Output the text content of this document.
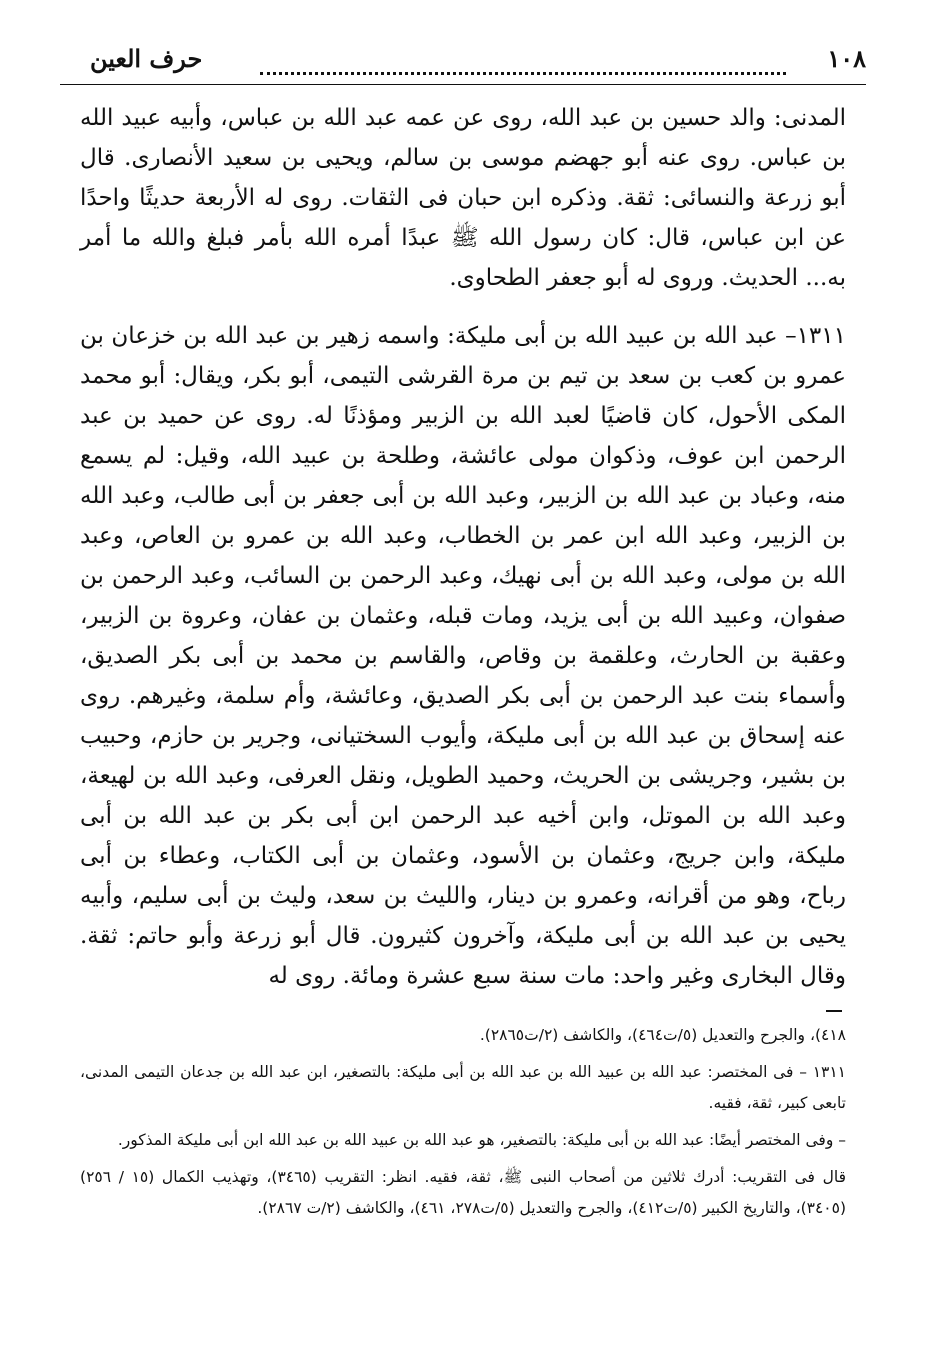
١٠٨
حرف العين

المدنى: والد حسين بن عبد الله، روى عن عمه عبد الله بن عباس، وأبيه عبيد الله بن عباس. روى عنه أبو جهضم موسى بن سالم، ويحيى بن سعيد الأنصارى. قال أبو زرعة والنسائى: ثقة. وذكره ابن حبان فى الثقات. روى له الأربعة حديثًا واحدًا عن ابن عباس، قال: كان رسول الله ﷺ عبدًا أمره الله بأمر فبلغ والله ما أمر به... الحديث. وروى له أبو جعفر الطحاوى.

١٣١١– عبد الله بن عبيد الله بن أبى مليكة: واسمه زهير بن عبد الله بن خزعان بن عمرو بن كعب بن سعد بن تيم بن مرة القرشى التيمى، أبو بكر، ويقال: أبو محمد المكى الأحول، كان قاضيًا لعبد الله بن الزبير ومؤذنًا له. روى عن حميد بن عبد الرحمن ابن عوف، وذكوان مولى عائشة، وطلحة بن عبيد الله، وقيل: لم يسمع منه، وعباد بن عبد الله بن الزبير، وعبد الله بن أبى جعفر بن أبى طالب، وعبد الله بن الزبير، وعبد الله ابن عمر بن الخطاب، وعبد الله بن عمرو بن العاص، وعبد الله بن مولى، وعبد الله بن أبى نهيك، وعبد الرحمن بن السائب، وعبد الرحمن بن صفوان، وعبيد الله بن أبى يزيد، ومات قبله، وعثمان بن عفان، وعروة بن الزبير، وعقبة بن الحارث، وعلقمة بن وقاص، والقاسم بن محمد بن أبى بكر الصديق، وأسماء بنت عبد الرحمن بن أبى بكر الصديق، وعائشة، وأم سلمة، وغيرهم. روى عنه إسحاق بن عبد الله بن أبى مليكة، وأيوب السختيانى، وجرير بن حازم، وحبيب بن بشير، وجريشى بن الحريث، وحميد الطويل، ونقل العرفى، وعبد الله بن لهيعة، وعبد الله بن الموتل، وابن أخيه عبد الرحمن ابن أبى بكر بن عبد الله بن أبى مليكة، وابن جريج، وعثمان بن الأسود، وعثمان بن أبى الكتاب، وعطاء بن أبى رباح، وهو من أقرانه، وعمرو بن دينار، والليث بن سعد، وليث بن أبى سليم، وأبيه يحيى بن عبد الله بن أبى مليكة، وآخرون كثيرون. قال أبو زرعة وأبو حاتم: ثقة. وقال البخارى وغير واحد: مات سنة سبع عشرة ومائة. روى له

٤١٨)، والجرح والتعديل (٥/ت٤٦٤)، والكاشف (٢/ت٢٨٦٥).

١٣١١ – فى المختصر: عبد الله بن عبيد الله بن عبد الله بن أبى مليكة: بالتصغير، ابن عبد الله بن جدعان التيمى المدنى، تابعى كبير، ثقة، فقيه.

– وفى المختصر أيضًا: عبد الله بن أبى مليكة: بالتصغير، هو عبد الله بن عبيد الله بن عبد الله ابن أبى مليكة المذكور.

قال فى التقريب: أدرك ثلاثين من أصحاب النبى ﷺ، ثقة، فقيه. انظر: التقريب (٣٤٦٥)، وتهذيب الكمال (١٥ / ٢٥٦) (٣٤٠٥)، والتاريخ الكبير (٥/ت٤١٢)، والجرح والتعديل (٥/ت٢٧٨، ٤٦١)، والكاشف (٢/ت ٢٨٦٧).
